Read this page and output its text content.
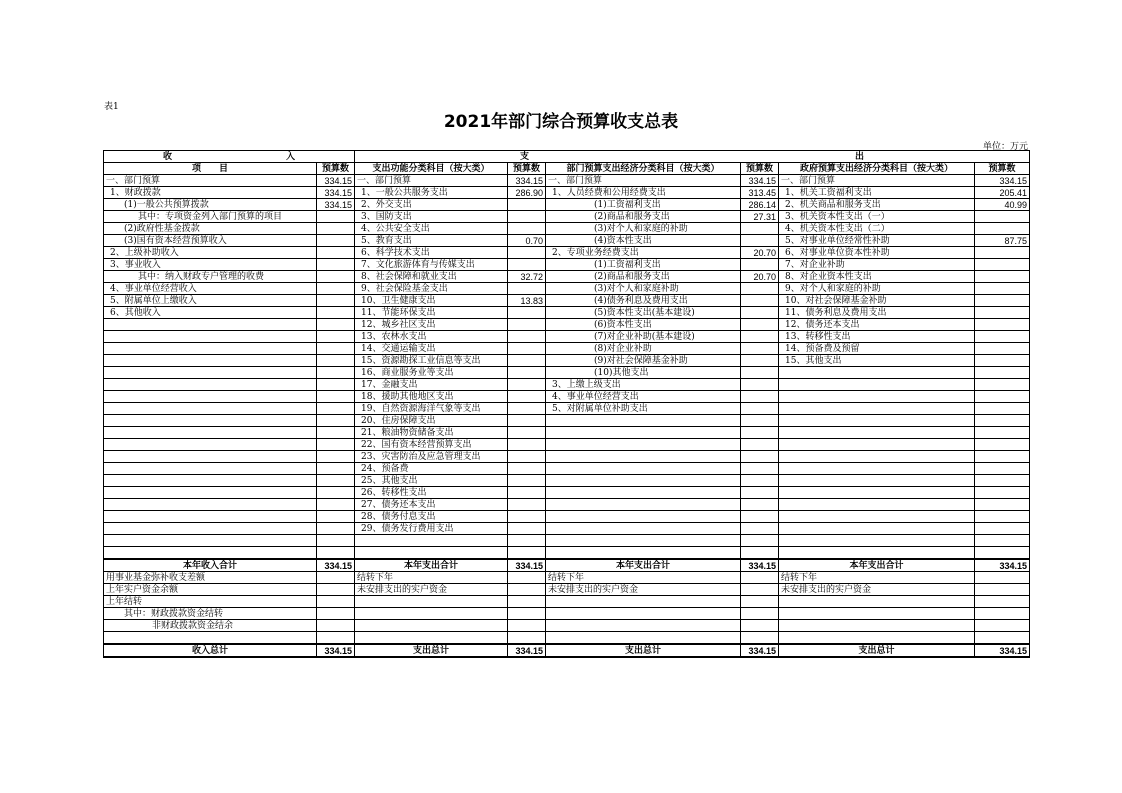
表1
2021年部门综合预算收支总表
单位：万元
收 入		支 出					

项　　目	预算数	支出功能分类科目（按大类）	预算数	部门预算支出经济分类科目（按大类）	预算数	政府预算支出经济分类科目（按大类）	预算数
一、部门预算	334.15	一、部门预算	334.15	一、部门预算	334.15	一、部门预算	334.15
1、财政拨款	334.15	1、一般公共服务支出	286.90	1、人员经费和公用经费支出	313.45	1、机关工资福利支出	205.41
(1)一般公共预算拨款	334.15	2、外交支出		(1)工资福利支出	286.14	2、机关商品和服务支出	40.99
其中：专项资金列入部门预算的项目		3、国防支出		(2)商品和服务支出	27.31	3、机关资本性支出（一）	
(2)政府性基金拨款		4、公共安全支出		(3)对个人和家庭的补助		4、机关资本性支出（二）	
(3)国有资本经营预算收入		5、教育支出	0.70	(4)资本性支出		5、对事业单位经常性补助	87.75
2、上级补助收入		6、科学技术支出		2、专项业务经费支出	20.70	6、对事业单位资本性补助	
3、事业收入		7、文化旅游体育与传媒支出		(1)工资福利支出		7、对企业补助	
其中：纳入财政专户管理的收费		8、社会保障和就业支出	32.72	(2)商品和服务支出	20.70	8、对企业资本性支出	
4、事业单位经营收入		9、社会保险基金支出		(3)对个人和家庭补助		9、对个人和家庭的补助	
5、附属单位上缴收入		10、卫生健康支出	13.83	(4)债务利息及费用支出		10、对社会保障基金补助	
6、其他收入		11、节能环保支出		(5)资本性支出(基本建设)		11、债务利息及费用支出	
		12、城乡社区支出		(6)资本性支出		12、债务还本支出	
		13、农林水支出		(7)对企业补助(基本建设)		13、转移性支出	
		14、交通运输支出		(8)对企业补助		14、预备费及预留	
		15、资源勘探工业信息等支出		(9)对社会保障基金补助		15、其他支出	
		16、商业服务业等支出		(10)其他支出			
		17、金融支出		3、上缴上级支出			
		18、援助其他地区支出		4、事业单位经营支出			
		19、自然资源海洋气象等支出		5、对附属单位补助支出			
		20、住房保障支出					
		21、粮油物资储备支出					
		22、国有资本经营预算支出					
		23、灾害防治及应急管理支出					
		24、预备费					
		25、其他支出					
		26、转移性支出					
		27、债务还本支出					
		28、债务付息支出					
		29、债务发行费用支出					

本年收入合计	334.15	本年支出合计	334.15	本年支出合计	334.15	本年支出合计	334.15
用事业基金弥补收支差额		结转下年		结转下年		结转下年	
上年实户资金余额		未安排支出的实户资金		未安排支出的实户资金		未安排支出的实户资金	
上年结转							
其中：财政拨款资金结转							
非财政拨款资金结余							

收入总计	334.15	支出总计	334.15	支出总计	334.15	支出总计	334.15
